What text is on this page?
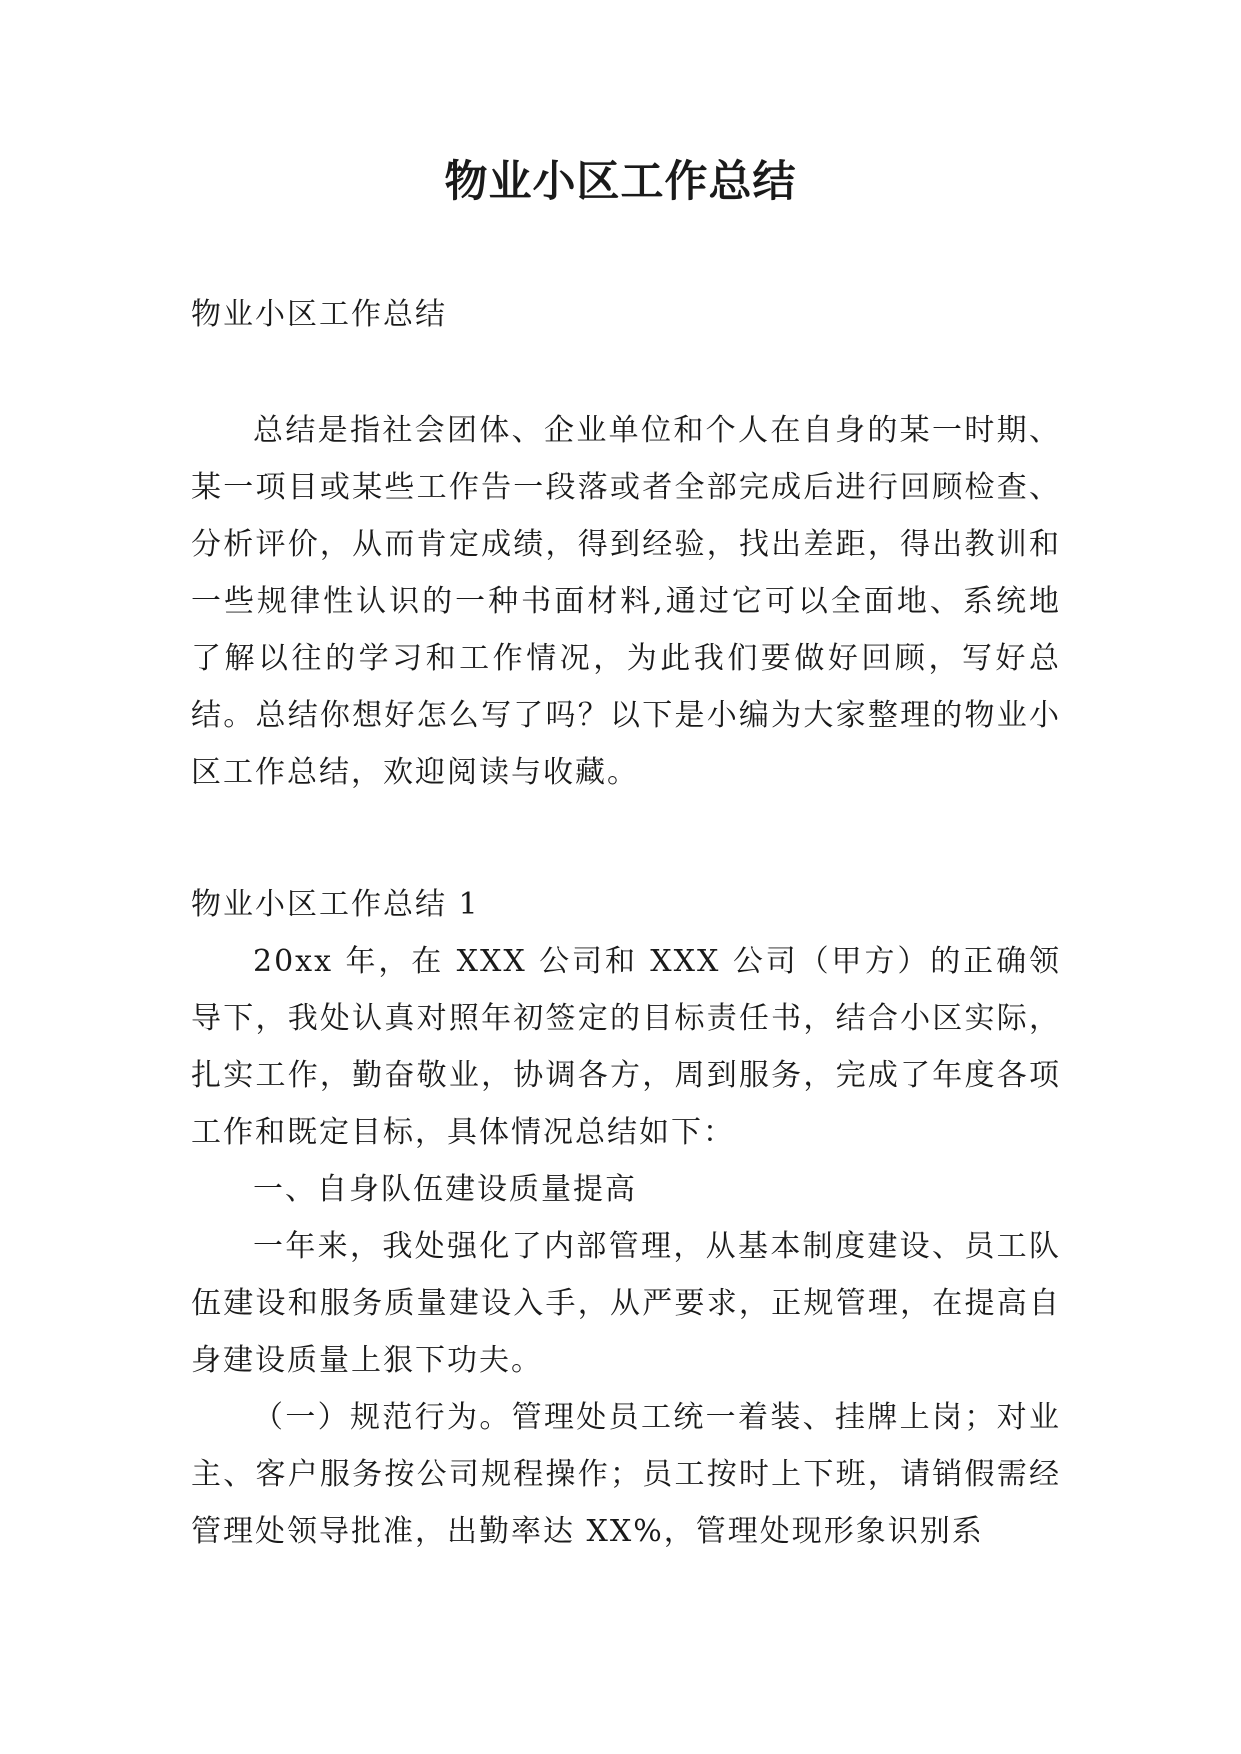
物业小区工作总结

物业小区工作总结

总结是指社会团体、企业单位和个人在自身的某一时期、某一项目或某些工作告一段落或者全部完成后进行回顾检查、分析评价，从而肯定成绩，得到经验，找出差距，得出教训和一些规律性认识的一种书面材料,通过它可以全面地、系统地了解以往的学习和工作情况，为此我们要做好回顾，写好总结。总结你想好怎么写了吗？以下是小编为大家整理的物业小区工作总结，欢迎阅读与收藏。

物业小区工作总结 1

20xx 年，在 XXX 公司和 XXX 公司（甲方）的正确领导下，我处认真对照年初签定的目标责任书，结合小区实际，扎实工作，勤奋敬业，协调各方，周到服务，完成了年度各项工作和既定目标，具体情况总结如下：

一、自身队伍建设质量提高

一年来，我处强化了内部管理，从基本制度建设、员工队伍建设和服务质量建设入手，从严要求，正规管理，在提高自身建设质量上狠下功夫。

（一）规范行为。管理处员工统一着装、挂牌上岗；对业主、客户服务按公司规程操作；员工按时上下班，请销假需经管理处领导批准，出勤率达 XX%，管理处现形象识别系
